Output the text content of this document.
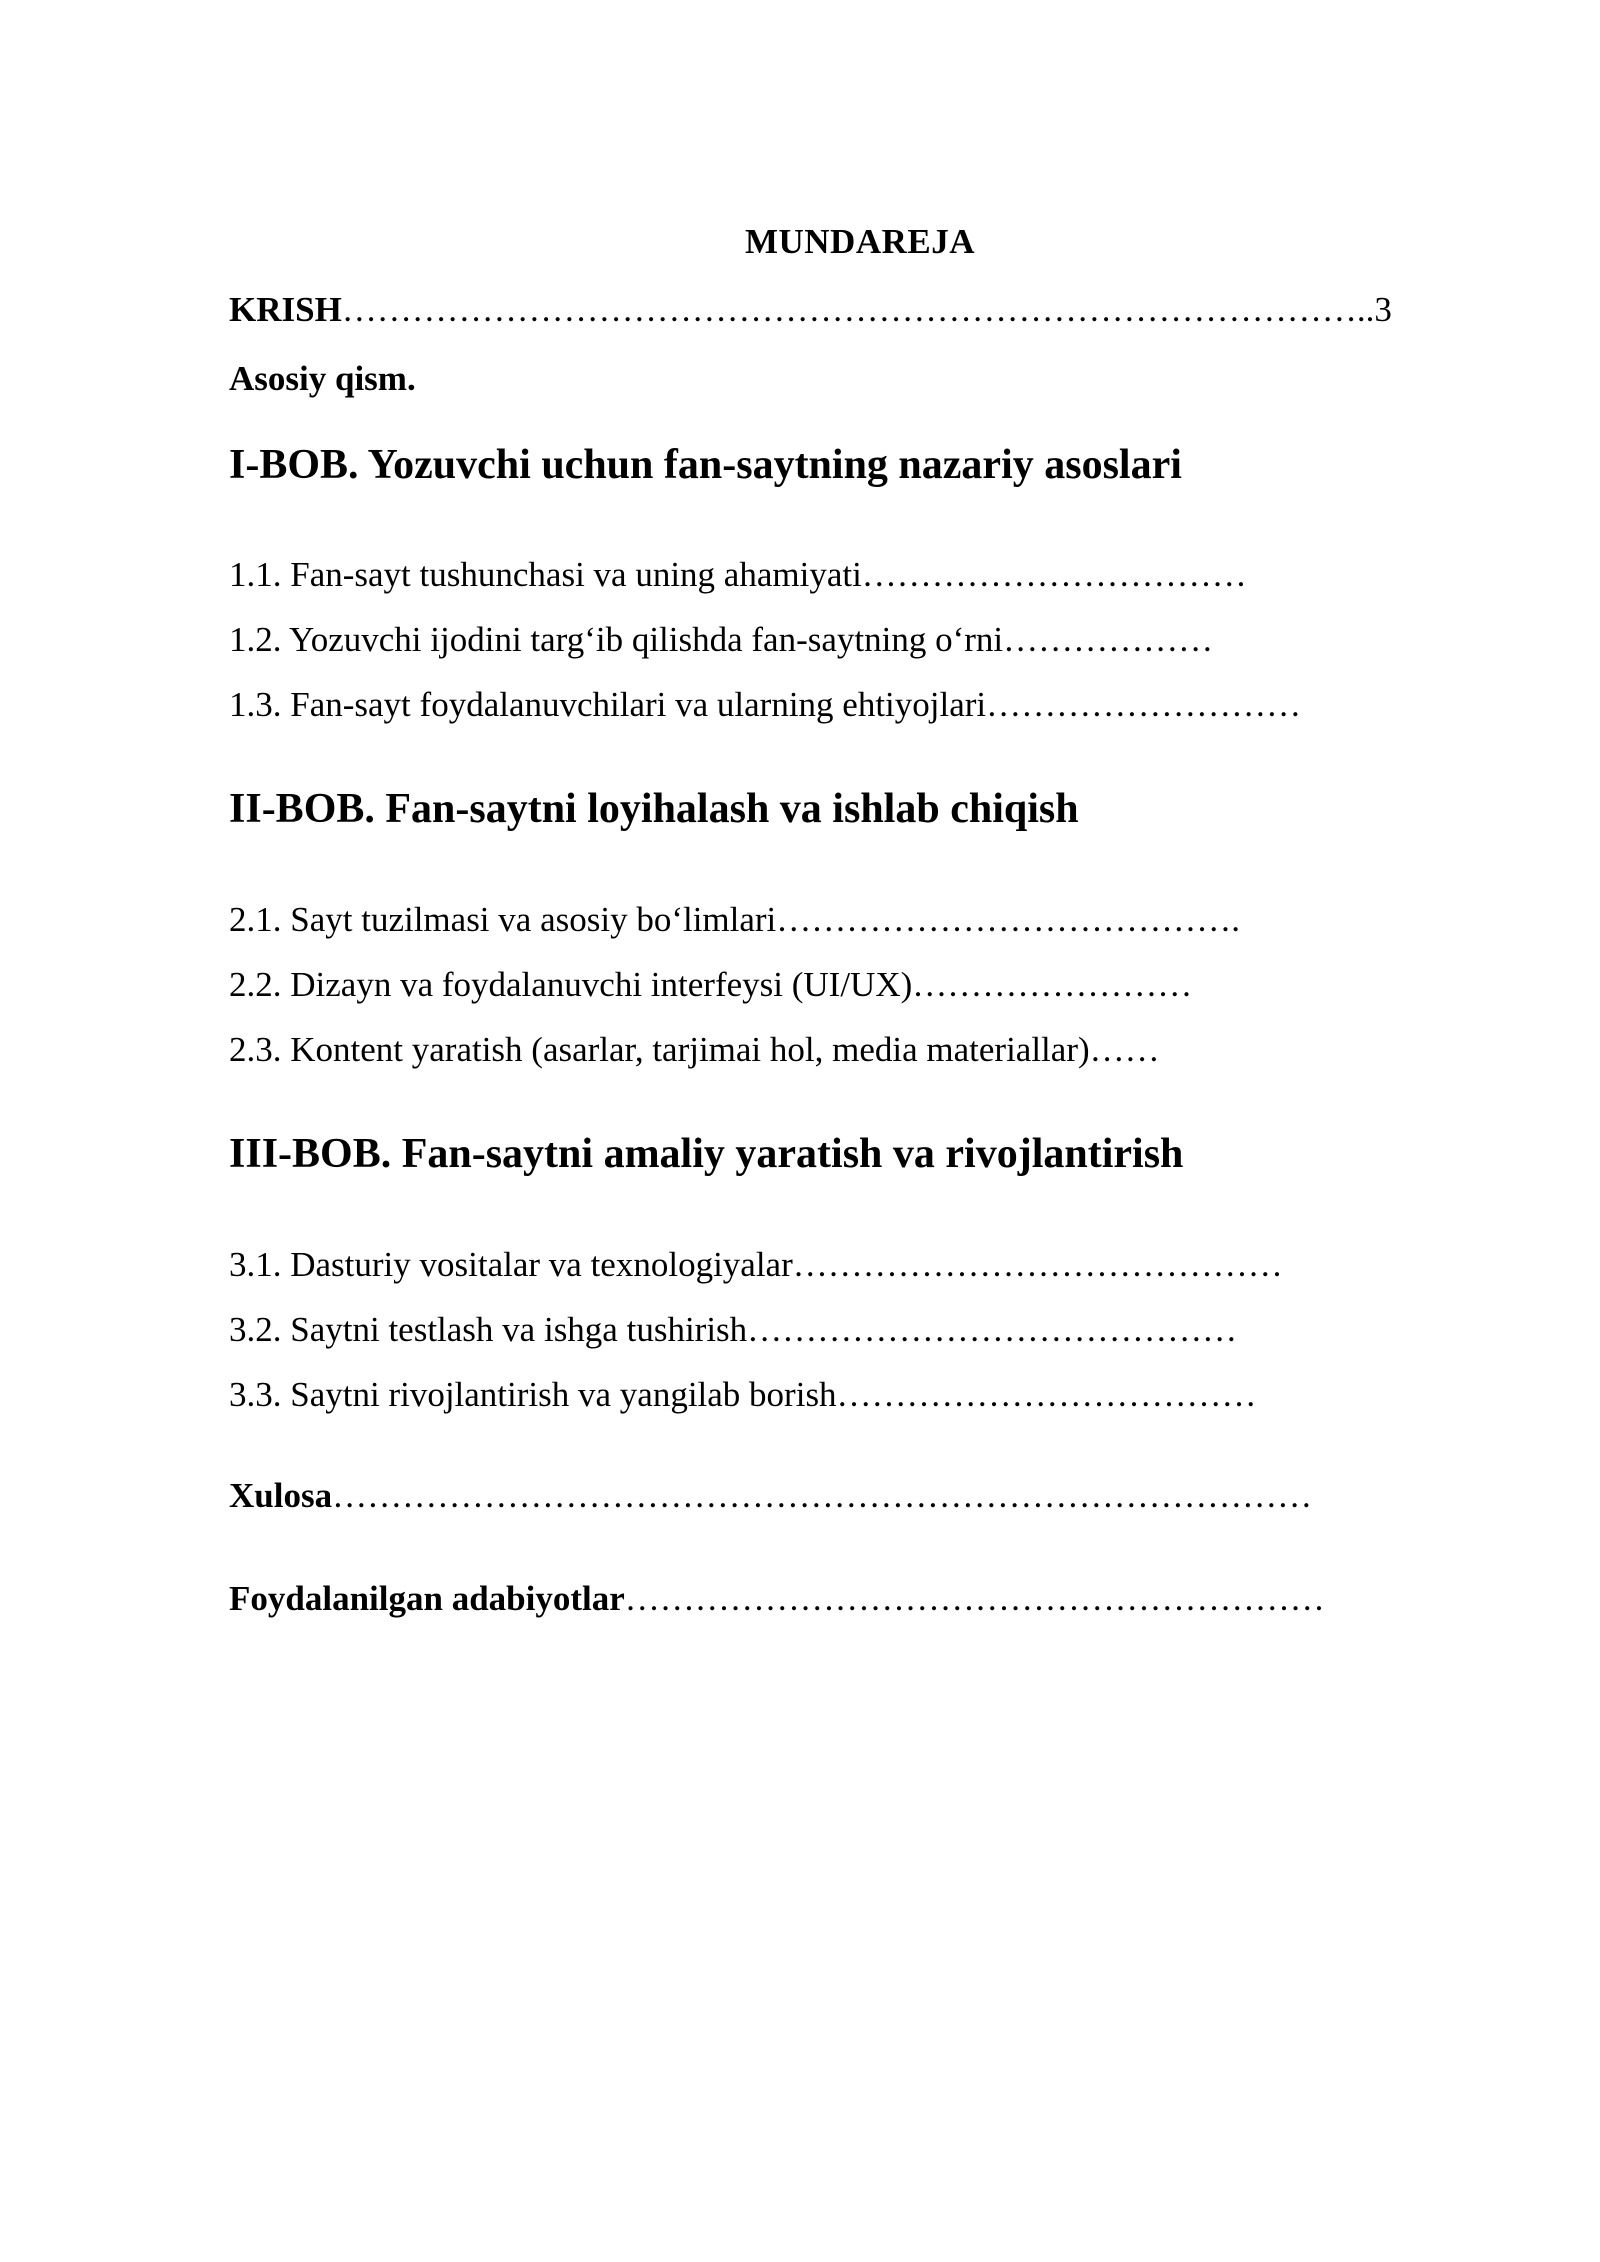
MUNDAREJA
KRISH……………………………………………………………………………..3
Asosiy qism.
I-BOB. Yozuvchi uchun fan-saytning nazariy asoslari
1.1. Fan-sayt tushunchasi va uning ahamiyati……………………………
1.2. Yozuvchi ijodini targ‘ib qilishda fan-saytning o‘rni………………
1.3. Fan-sayt foydalanuvchilari va ularning ehtiyojlari………………………
II-BOB. Fan-saytni loyihalash va ishlab chiqish
2.1. Sayt tuzilmasi va asosiy bo‘limlari………………………………….
2.2. Dizayn va foydalanuvchi interfeysi (UI/UX)……………………
2.3. Kontent yaratish (asarlar, tarjimai hol, media materiallar)……
III-BOB. Fan-saytni amaliy yaratish va rivojlantirish
3.1. Dasturiy vositalar va texnologiyalar……………………………………
3.2. Saytni testlash va ishga tushirish……………………………………
3.3. Saytni rivojlantirish va yangilab borish………………………………
Xulosa…………………………………………………………………………
Foydalanilgan adabiyotlar……………………………………………………
